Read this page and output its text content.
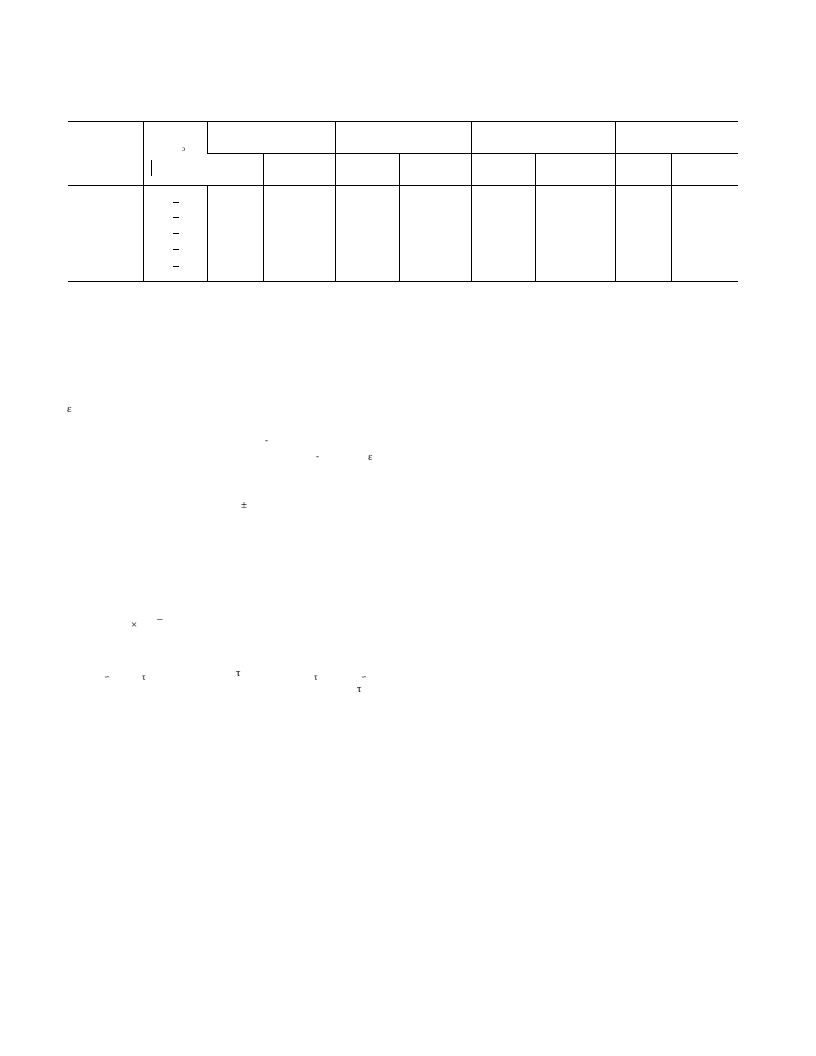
ɔ
ε
-
-	ε
±
× –
∽	τ	τ	τ	∽
τ
